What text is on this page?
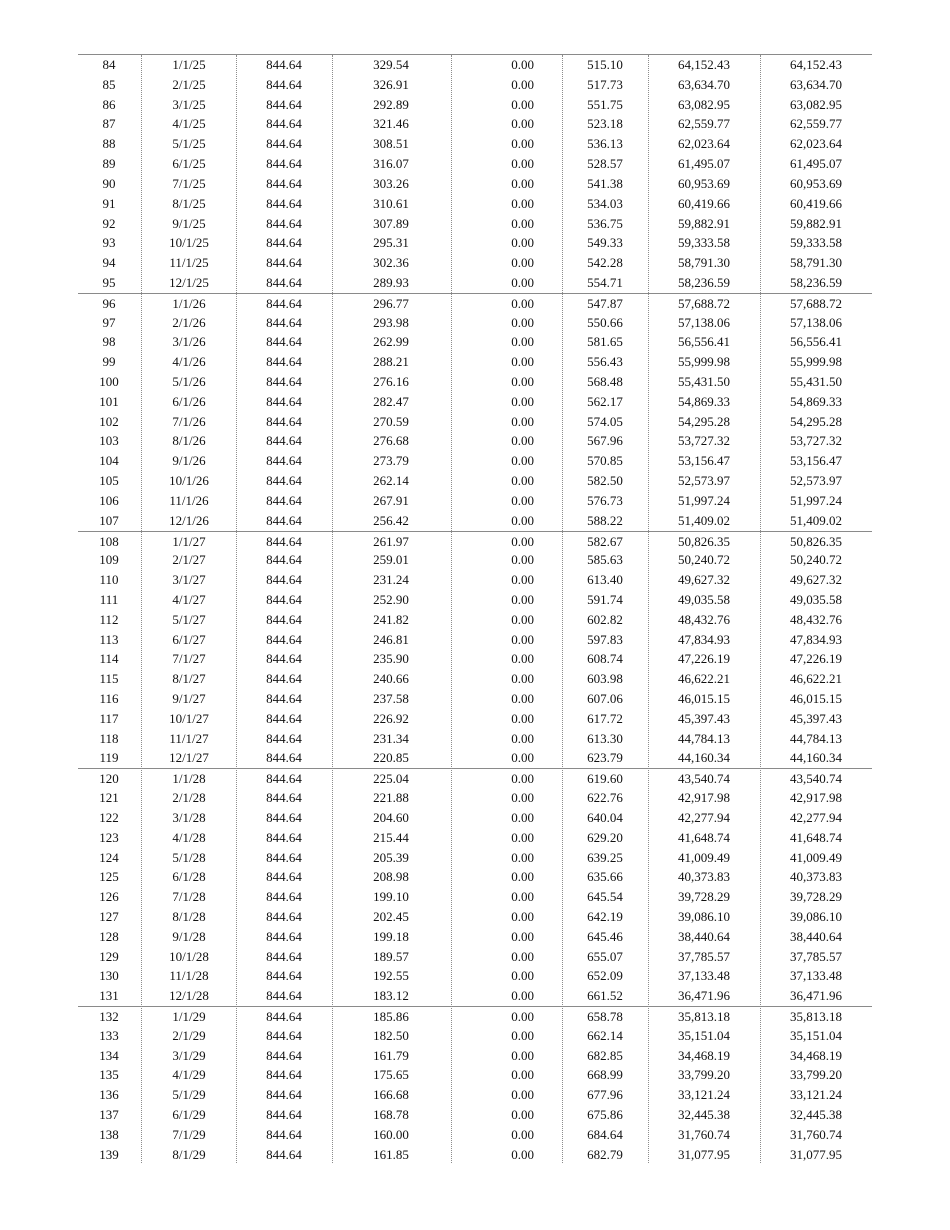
84	1/1/25	844.64	329.54	0.00	515.10	64,152.43	64,152.43
85	2/1/25	844.64	326.91	0.00	517.73	63,634.70	63,634.70
86	3/1/25	844.64	292.89	0.00	551.75	63,082.95	63,082.95
87	4/1/25	844.64	321.46	0.00	523.18	62,559.77	62,559.77
88	5/1/25	844.64	308.51	0.00	536.13	62,023.64	62,023.64
89	6/1/25	844.64	316.07	0.00	528.57	61,495.07	61,495.07
90	7/1/25	844.64	303.26	0.00	541.38	60,953.69	60,953.69
91	8/1/25	844.64	310.61	0.00	534.03	60,419.66	60,419.66
92	9/1/25	844.64	307.89	0.00	536.75	59,882.91	59,882.91
93	10/1/25	844.64	295.31	0.00	549.33	59,333.58	59,333.58
94	11/1/25	844.64	302.36	0.00	542.28	58,791.30	58,791.30
95	12/1/25	844.64	289.93	0.00	554.71	58,236.59	58,236.59
96	1/1/26	844.64	296.77	0.00	547.87	57,688.72	57,688.72
97	2/1/26	844.64	293.98	0.00	550.66	57,138.06	57,138.06
98	3/1/26	844.64	262.99	0.00	581.65	56,556.41	56,556.41
99	4/1/26	844.64	288.21	0.00	556.43	55,999.98	55,999.98
100	5/1/26	844.64	276.16	0.00	568.48	55,431.50	55,431.50
101	6/1/26	844.64	282.47	0.00	562.17	54,869.33	54,869.33
102	7/1/26	844.64	270.59	0.00	574.05	54,295.28	54,295.28
103	8/1/26	844.64	276.68	0.00	567.96	53,727.32	53,727.32
104	9/1/26	844.64	273.79	0.00	570.85	53,156.47	53,156.47
105	10/1/26	844.64	262.14	0.00	582.50	52,573.97	52,573.97
106	11/1/26	844.64	267.91	0.00	576.73	51,997.24	51,997.24
107	12/1/26	844.64	256.42	0.00	588.22	51,409.02	51,409.02
108	1/1/27	844.64	261.97	0.00	582.67	50,826.35	50,826.35
109	2/1/27	844.64	259.01	0.00	585.63	50,240.72	50,240.72
110	3/1/27	844.64	231.24	0.00	613.40	49,627.32	49,627.32
111	4/1/27	844.64	252.90	0.00	591.74	49,035.58	49,035.58
112	5/1/27	844.64	241.82	0.00	602.82	48,432.76	48,432.76
113	6/1/27	844.64	246.81	0.00	597.83	47,834.93	47,834.93
114	7/1/27	844.64	235.90	0.00	608.74	47,226.19	47,226.19
115	8/1/27	844.64	240.66	0.00	603.98	46,622.21	46,622.21
116	9/1/27	844.64	237.58	0.00	607.06	46,015.15	46,015.15
117	10/1/27	844.64	226.92	0.00	617.72	45,397.43	45,397.43
118	11/1/27	844.64	231.34	0.00	613.30	44,784.13	44,784.13
119	12/1/27	844.64	220.85	0.00	623.79	44,160.34	44,160.34
120	1/1/28	844.64	225.04	0.00	619.60	43,540.74	43,540.74
121	2/1/28	844.64	221.88	0.00	622.76	42,917.98	42,917.98
122	3/1/28	844.64	204.60	0.00	640.04	42,277.94	42,277.94
123	4/1/28	844.64	215.44	0.00	629.20	41,648.74	41,648.74
124	5/1/28	844.64	205.39	0.00	639.25	41,009.49	41,009.49
125	6/1/28	844.64	208.98	0.00	635.66	40,373.83	40,373.83
126	7/1/28	844.64	199.10	0.00	645.54	39,728.29	39,728.29
127	8/1/28	844.64	202.45	0.00	642.19	39,086.10	39,086.10
128	9/1/28	844.64	199.18	0.00	645.46	38,440.64	38,440.64
129	10/1/28	844.64	189.57	0.00	655.07	37,785.57	37,785.57
130	11/1/28	844.64	192.55	0.00	652.09	37,133.48	37,133.48
131	12/1/28	844.64	183.12	0.00	661.52	36,471.96	36,471.96
132	1/1/29	844.64	185.86	0.00	658.78	35,813.18	35,813.18
133	2/1/29	844.64	182.50	0.00	662.14	35,151.04	35,151.04
134	3/1/29	844.64	161.79	0.00	682.85	34,468.19	34,468.19
135	4/1/29	844.64	175.65	0.00	668.99	33,799.20	33,799.20
136	5/1/29	844.64	166.68	0.00	677.96	33,121.24	33,121.24
137	6/1/29	844.64	168.78	0.00	675.86	32,445.38	32,445.38
138	7/1/29	844.64	160.00	0.00	684.64	31,760.74	31,760.74
139	8/1/29	844.64	161.85	0.00	682.79	31,077.95	31,077.95
